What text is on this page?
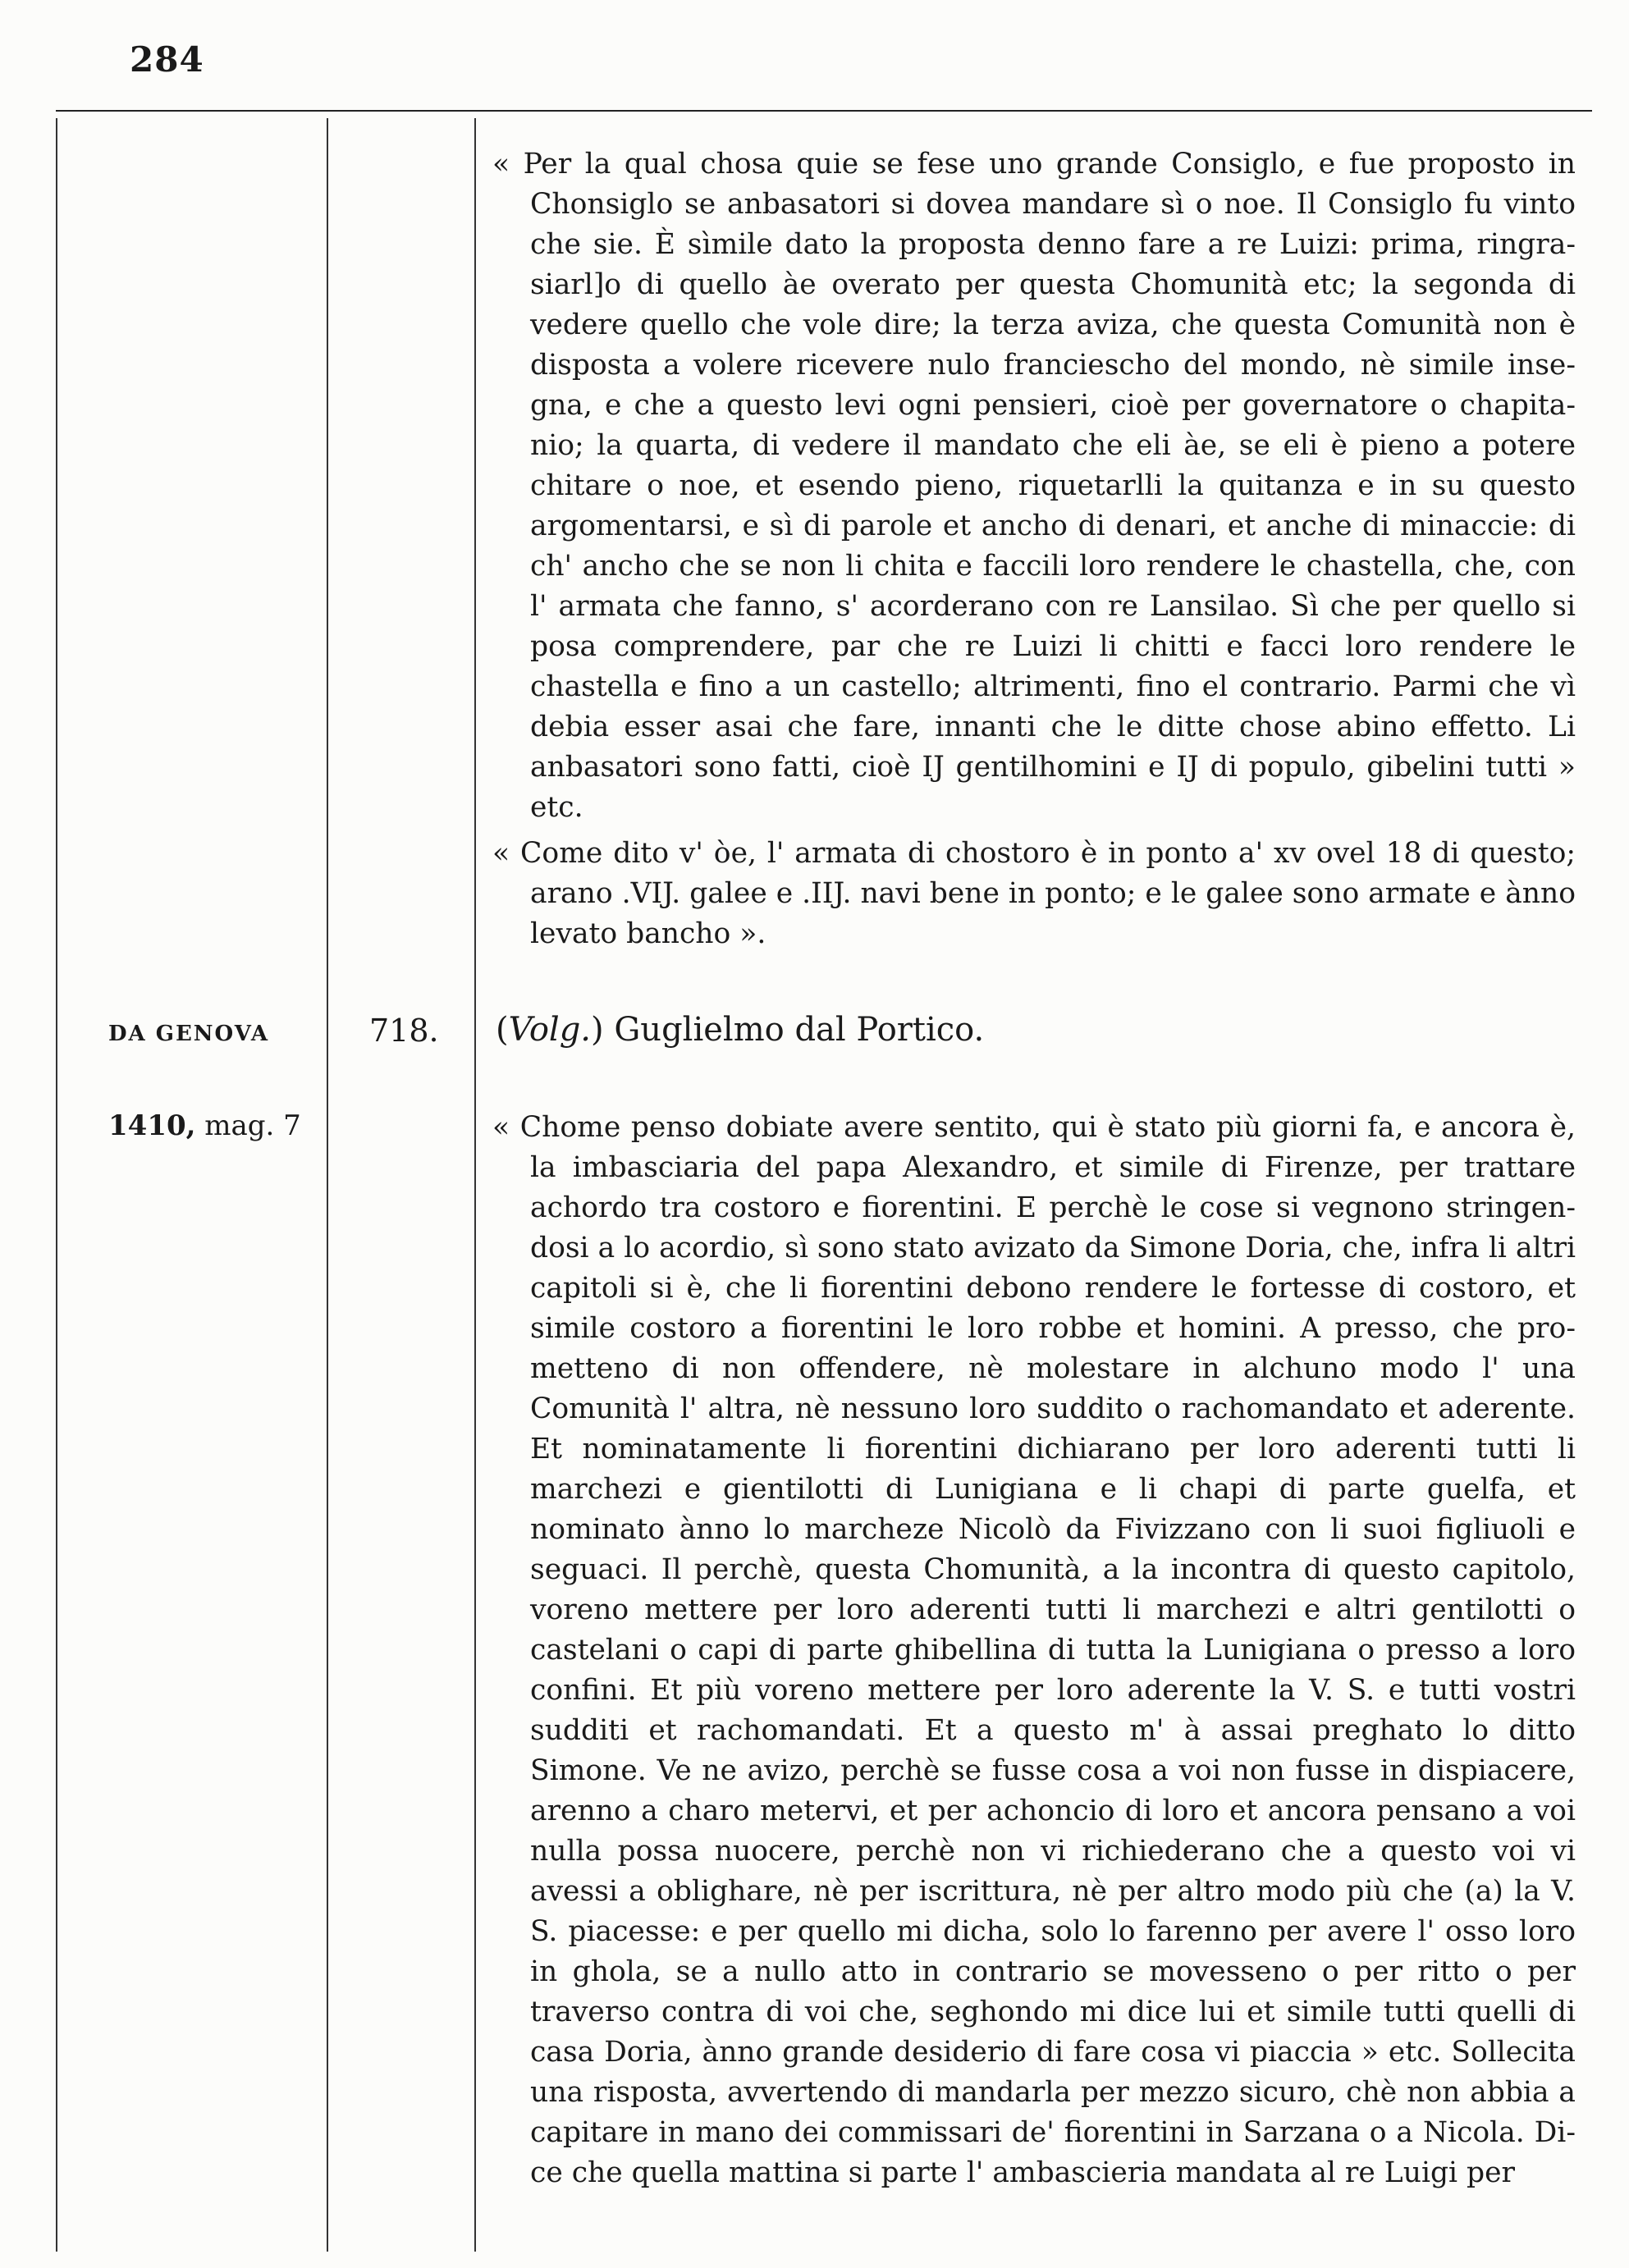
284
« Per la qual chosa quie se fese uno grande Consiglo, e fue proposto in Chonsiglo se anbasatori si dovea mandare sì o noe. Il Consiglo fu vinto che sie. È sìmile dato la proposta denno fare a re Luizi: prima, ringrasiarl]o di quello àe overato per questa Chomunità etc; la segonda di vedere quello che vole dire; la terza aviza, che questa Comunità non è disposta a volere ricevere nulo franciescho del mondo, nè simile insegna, e che a questo levi ogni pensieri, cioè per governatore o chapitanio; la quarta, di vedere il mandato che eli àe, se eli è pieno a potere chitare o noe, et esendo pieno, riquetarlli la quitanza e in su questo argomentarsi, e sì di parole et ancho di denari, et anche di minaccie: di ch' ancho che se non li chita e faccili loro rendere le chastella, che, con l' armata che fanno, s' acorderano con re Lansilao. Sì che per quello si posa comprendere, par che re Luizi li chitti e facci loro rendere le chastella e fino a un castello; altrimenti, fino el contrario. Parmi che vì debia esser asai che fare, innanti che le ditte chose abino effetto. Li anbasatori sono fatti, cioè IJ gentilhomini e IJ di populo, gibelini tutti » etc.
« Come dito v' òe, l' armata di chostoro è in ponto a' xv ovel 18 di questo; arano .VIJ. galee e .IIJ. navi bene in ponto; e le galee sono armate e ànno levato bancho ».
DA GENOVA	718. (Volg.) Guglielmo dal Portico.
1410, mag. 7	« Chome penso dobiate avere sentito, qui è stato più giorni fa, e ancora è, la imbasciaria del papa Alexandro, et simile di Firenze, per trattare achordo tra costoro e fiorentini. E perchè le cose si vegnono stringendosi a lo acordio, sì sono stato avizato da Simone Doria, che, infra li altri capitoli si è, che li fiorentini debono rendere le fortesse di costoro, et simile costoro a fiorentini le loro robbe et homini. A presso, che prometteno di non offendere, nè molestare in alchuno modo l' una Comunità l' altra, nè nessuno loro suddito o rachomandato et aderente. Et nominatamente li fiorentini dichiarano per loro aderenti tutti li marchezi e gientilotti di Lunigiana e li chapi di parte guelfa, et nominato ànno lo marcheze Nicolò da Fivizzano con li suoi figliuoli e seguaci. Il perchè, questa Chomunità, a la incontra di questo capitolo, voreno mettere per loro aderenti tutti li marchezi e altri gentilotti o castelani o capi di parte ghibellina di tutta la Lunigiana o presso a loro confini. Et più voreno mettere per loro aderente la V. S. e tutti vostri sudditi et rachomandati. Et a questo m' à assai preghato lo ditto Simone. Ve ne avizo, perchè se fusse cosa a voi non fusse in dispiacere, arenno a charo metervi, et per achoncio di loro et ancora pensano a voi nulla possa nuocere, perchè non vi richiederano che a questo voi vi avessi a oblighare, nè per iscrittura, nè per altro modo più che (a) la V. S. piacesse: e per quello mi dicha, solo lo farenno per avere l' osso loro in ghola, se a nullo atto in contrario se movesseno o per ritto o per traverso contra di voi che, seghondo mi dice lui et simile tutti quelli di casa Doria, ànno grande desiderio di fare cosa vi piaccia » etc. Sollecita una risposta, avvertendo di mandarla per mezzo sicuro, chè non abbia a capitare in mano dei commissari de' fiorentini in Sarzana o a Nicola. Dice che quella mattina si parte l' ambascieria mandata al re Luigi per
